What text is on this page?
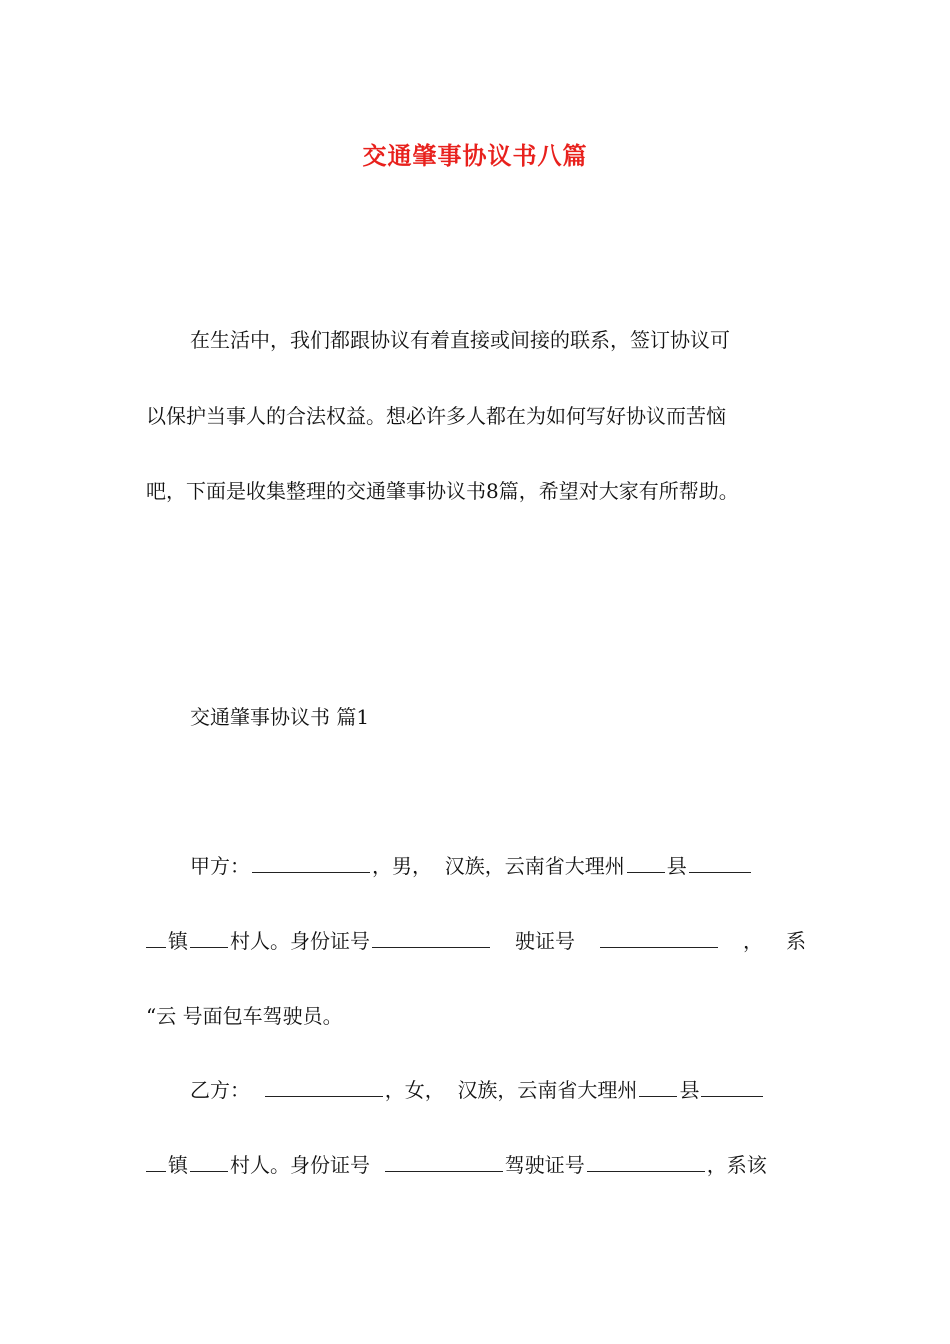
交通肇事协议书八篇
在生活中，我们都跟协议有着直接或间接的联系，签订协议可
以保护当事人的合法权益。想必许多人都在为如何写好协议而苦恼
吧，下面是收集整理的交通肇事协议书8篇，希望对大家有所帮助。
交通肇事协议书 篇1
甲方：	，男， 汉族，云南省大理州 县
镇 村人。身份证号	驶证号	， 系
“云 号面包车驾驶员。
乙方：	，女， 汉族，云南省大理州 县
镇 村人。身份证号	驾驶证号	，系该
